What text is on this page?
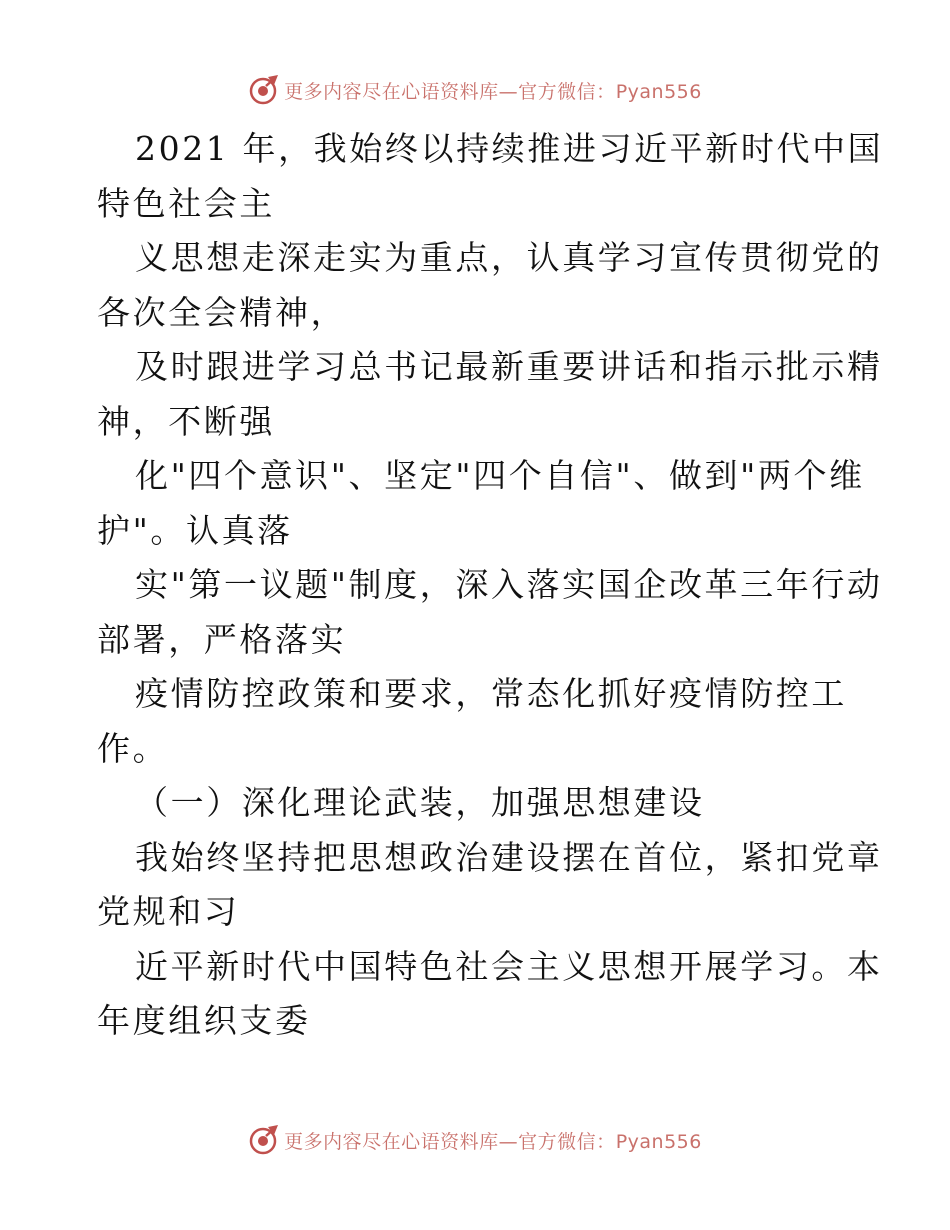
更多内容尽在心语资料库—官方微信：Pyan556
2021 年，我始终以持续推进习近平新时代中国
特色社会主
义思想走深走实为重点，认真学习宣传贯彻党的
各次全会精神，
及时跟进学习总书记最新重要讲话和指示批示精
神，不断强
化"四个意识"、坚定"四个自信"、做到"两个维
护"。认真落
实"第一议题"制度，深入落实国企改革三年行动
部署，严格落实
疫情防控政策和要求，常态化抓好疫情防控工
作。
（一）深化理论武装，加强思想建设
我始终坚持把思想政治建设摆在首位，紧扣党章
党规和习
近平新时代中国特色社会主义思想开展学习。本
年度组织支委
更多内容尽在心语资料库—官方微信：Pyan556
